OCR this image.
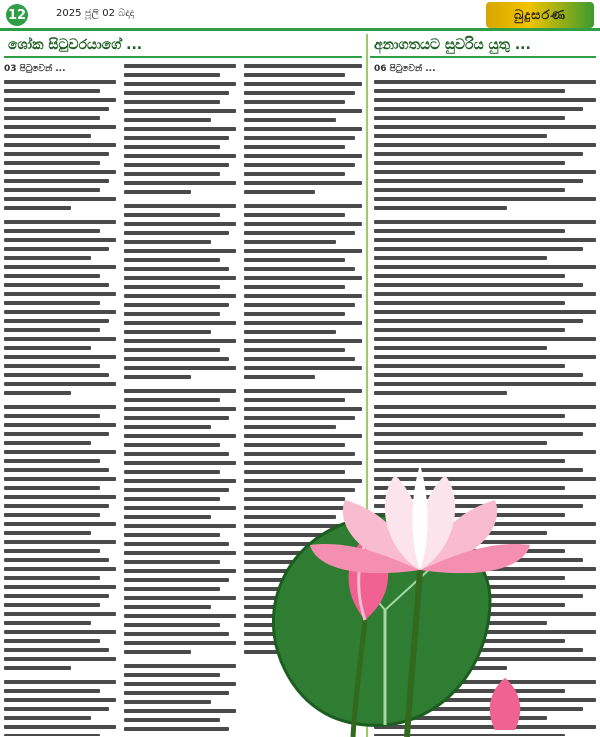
12	2025 ජූලි 02 බදාදා	බුදුසරණ
ශෝක සිටුවරයාගේ ...

03 පිටුවෙන් ...

අනාගතයට සුවරිය යුතු ...

06 පිටුවෙන් ...
